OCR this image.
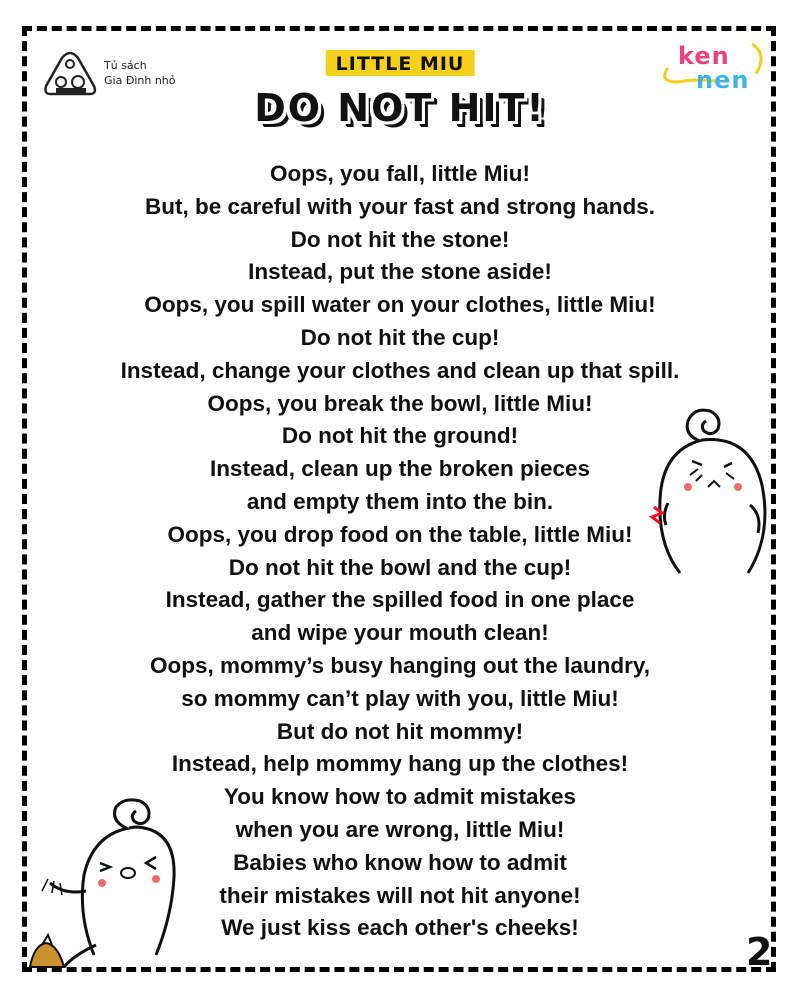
Tủ sách
Gia Đình nhỏ
LITTLE MIU
DO NOT HIT!
ken
nen
Oops, you fall, little Miu!
But, be careful with your fast and strong hands.
Do not hit the stone!
Instead, put the stone aside!
Oops, you spill water on your clothes, little Miu!
Do not hit the cup!
Instead, change your clothes and clean up that spill.
Oops, you break the bowl, little Miu!
Do not hit the ground!
Instead, clean up the broken pieces
and empty them into the bin.
Oops, you drop food on the table, little Miu!
Do not hit the bowl and the cup!
Instead, gather the spilled food in one place
and wipe your mouth clean!
Oops, mommy’s busy hanging out the laundry,
so mommy can’t play with you, little Miu!
But do not hit mommy!
Instead, help mommy hang up the clothes!
You know how to admit mistakes
when you are wrong, little Miu!
Babies who know how to admit
their mistakes will not hit anyone!
We just kiss each other's cheeks!
2
